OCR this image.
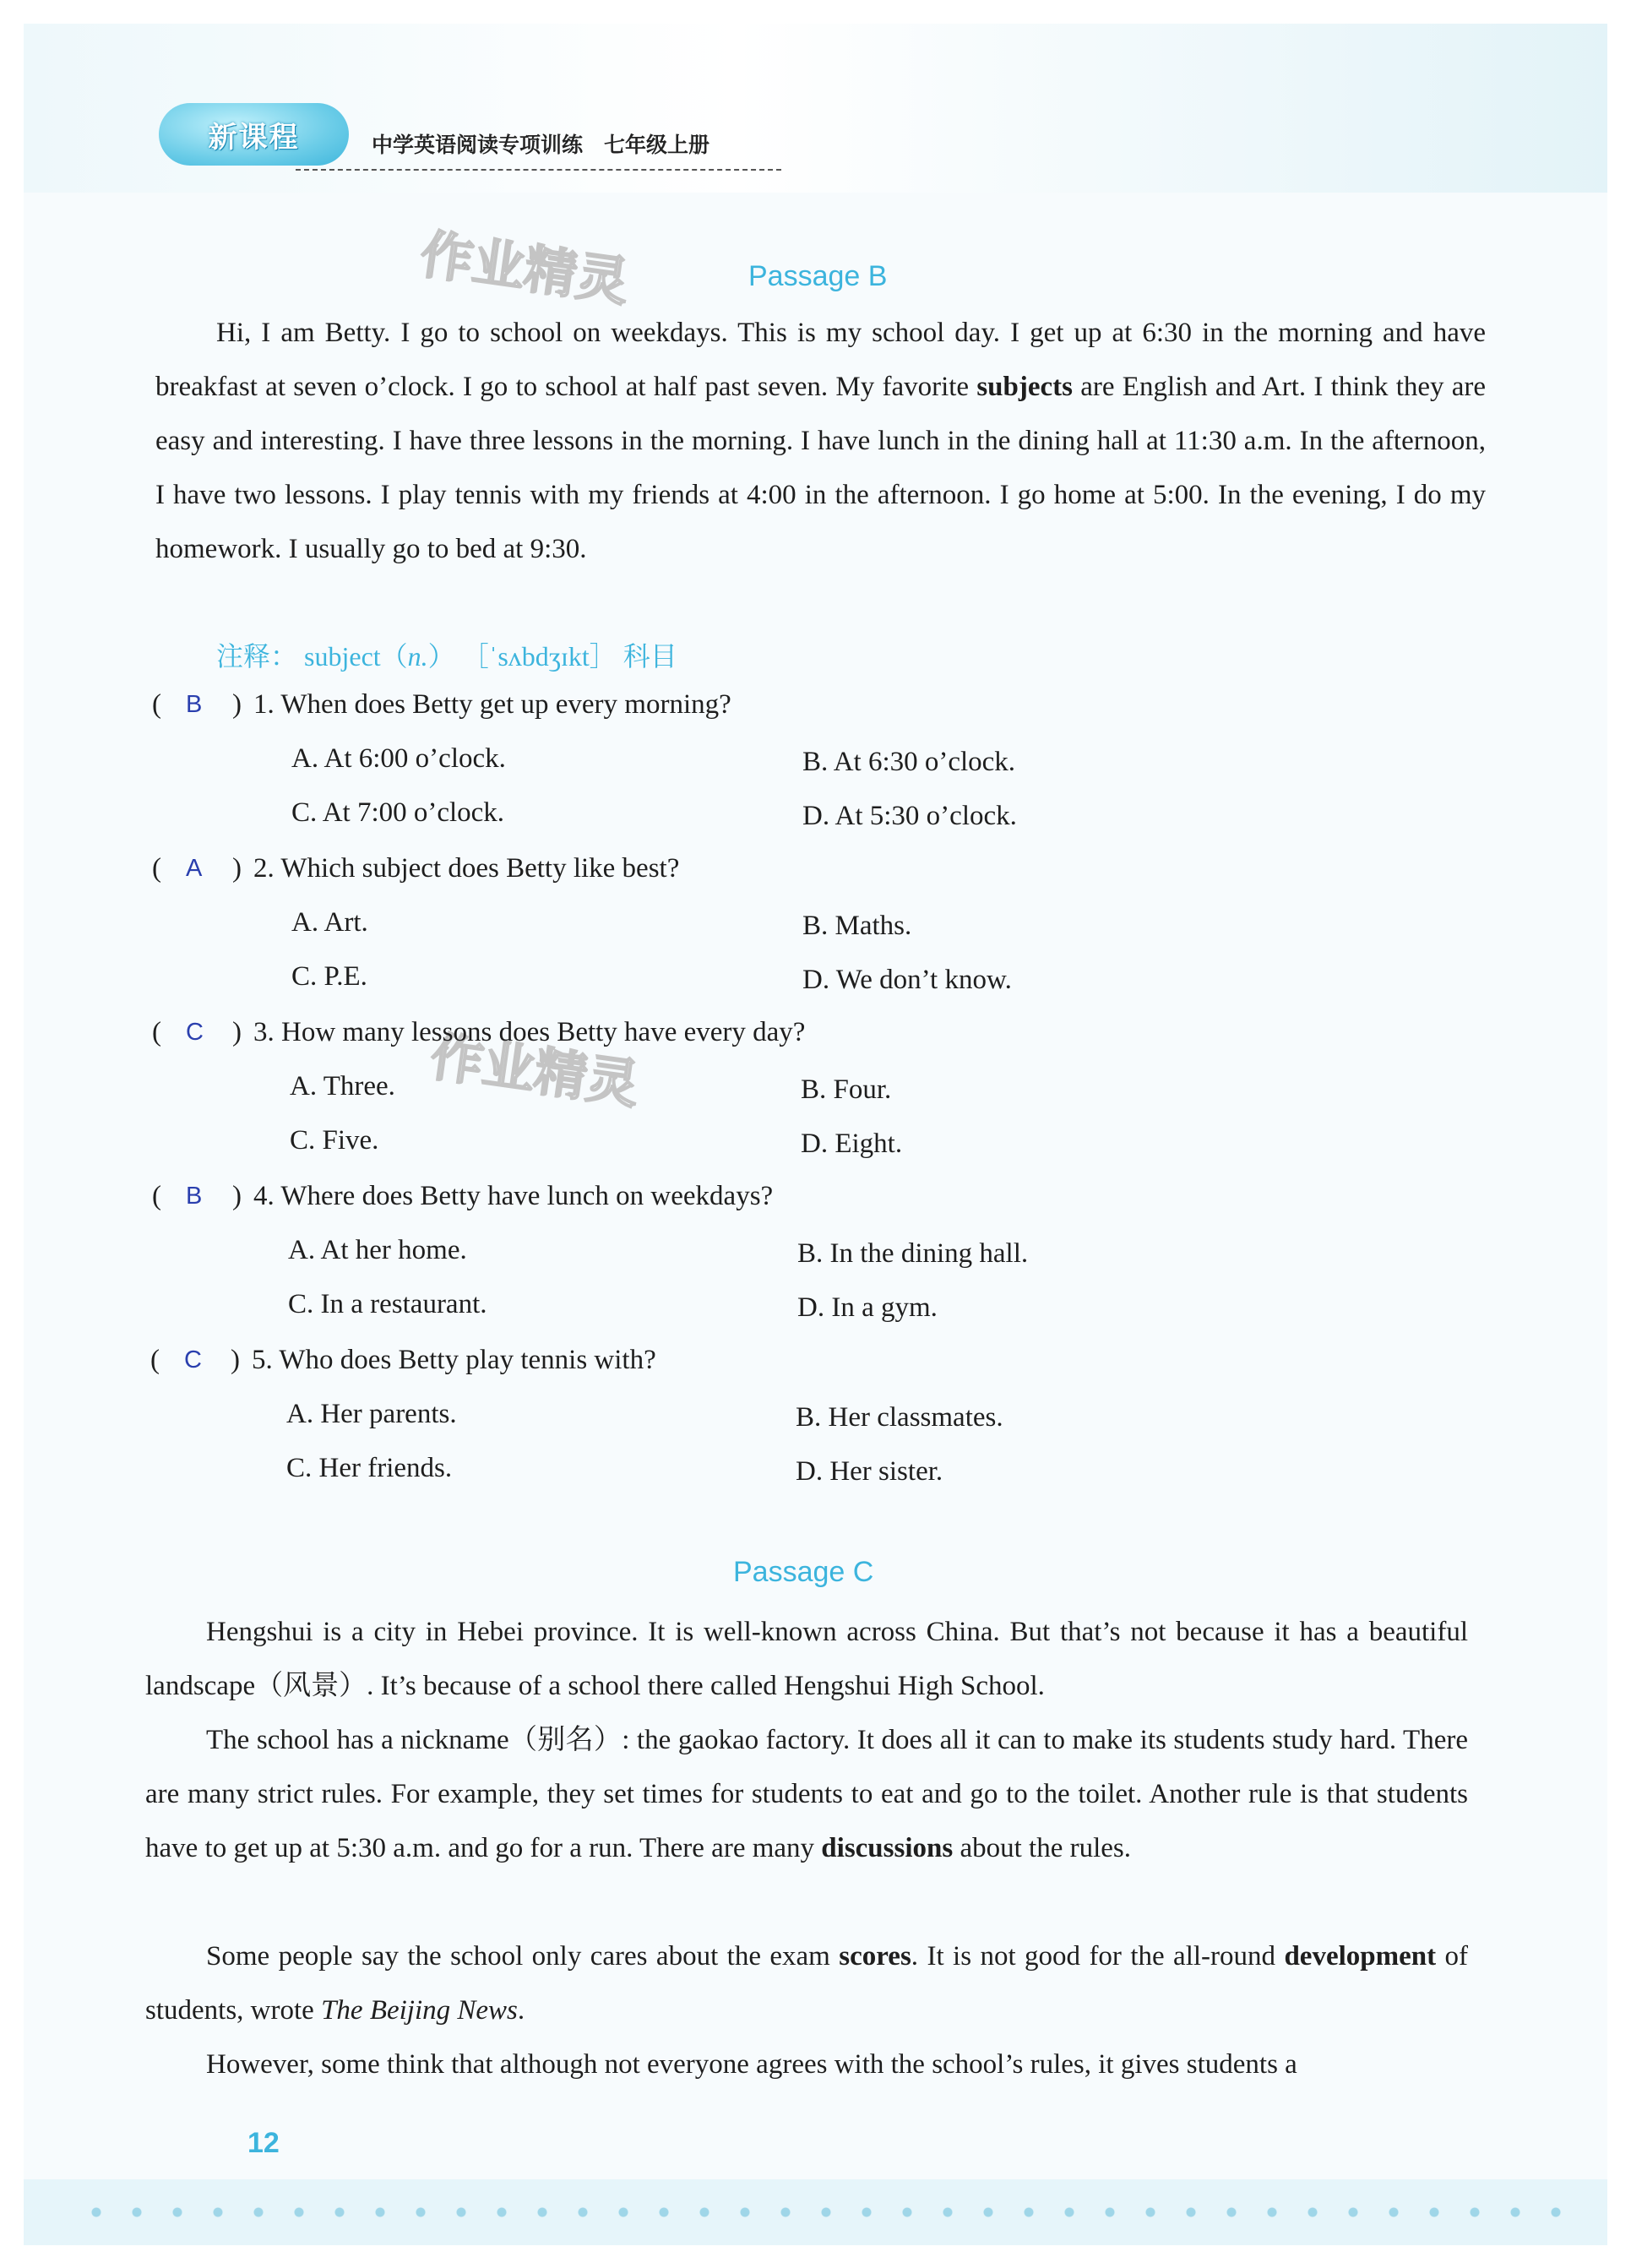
新课程	中学英语阅读专项训练　七年级上册
作业精灵
作业精灵
Passage B
Hi, I am Betty. I go to school on weekdays. This is my school day. I get up at 6:30 in the morning and have breakfast at seven o’clock. I go to school at half past seven. My favorite subjects are English and Art. I think they are easy and interesting. I have three lessons in the morning. I have lunch in the dining hall at 11:30 a.m. In the afternoon, I have two lessons. I play tennis with my friends at 4:00 in the afternoon. I go home at 5:00. In the evening, I do my homework. I usually go to bed at 9:30.
注释： subject（n.） ［ˈsʌbdʒɪkt］ 科目
( B ) 1. When does Betty get up every morning?
A. At 6:00 o’clock.	B. At 6:30 o’clock.
C. At 7:00 o’clock.	D. At 5:30 o’clock.
( A ) 2. Which subject does Betty like best?
A. Art.	B. Maths.
C. P.E.	D. We don’t know.
( C ) 3. How many lessons does Betty have every day?
A. Three.	B. Four.
C. Five.	D. Eight.
( B ) 4. Where does Betty have lunch on weekdays?
A. At her home.	B. In the dining hall.
C. In a restaurant.	D. In a gym.
( C ) 5. Who does Betty play tennis with?
A. Her parents.	B. Her classmates.
C. Her friends.	D. Her sister.
Passage C
Hengshui is a city in Hebei province. It is well-known across China. But that’s not because it has a beautiful landscape（风景）. It’s because of a school there called Hengshui High School.
The school has a nickname（别名）: the gaokao factory. It does all it can to make its students study hard. There are many strict rules. For example, they set times for students to eat and go to the toilet. Another rule is that students have to get up at 5:30 a.m. and go for a run. There are many discussions about the rules.
Some people say the school only cares about the exam scores. It is not good for the all-round development of students, wrote The Beijing News.
However, some think that although not everyone agrees with the school’s rules, it gives students a
12
